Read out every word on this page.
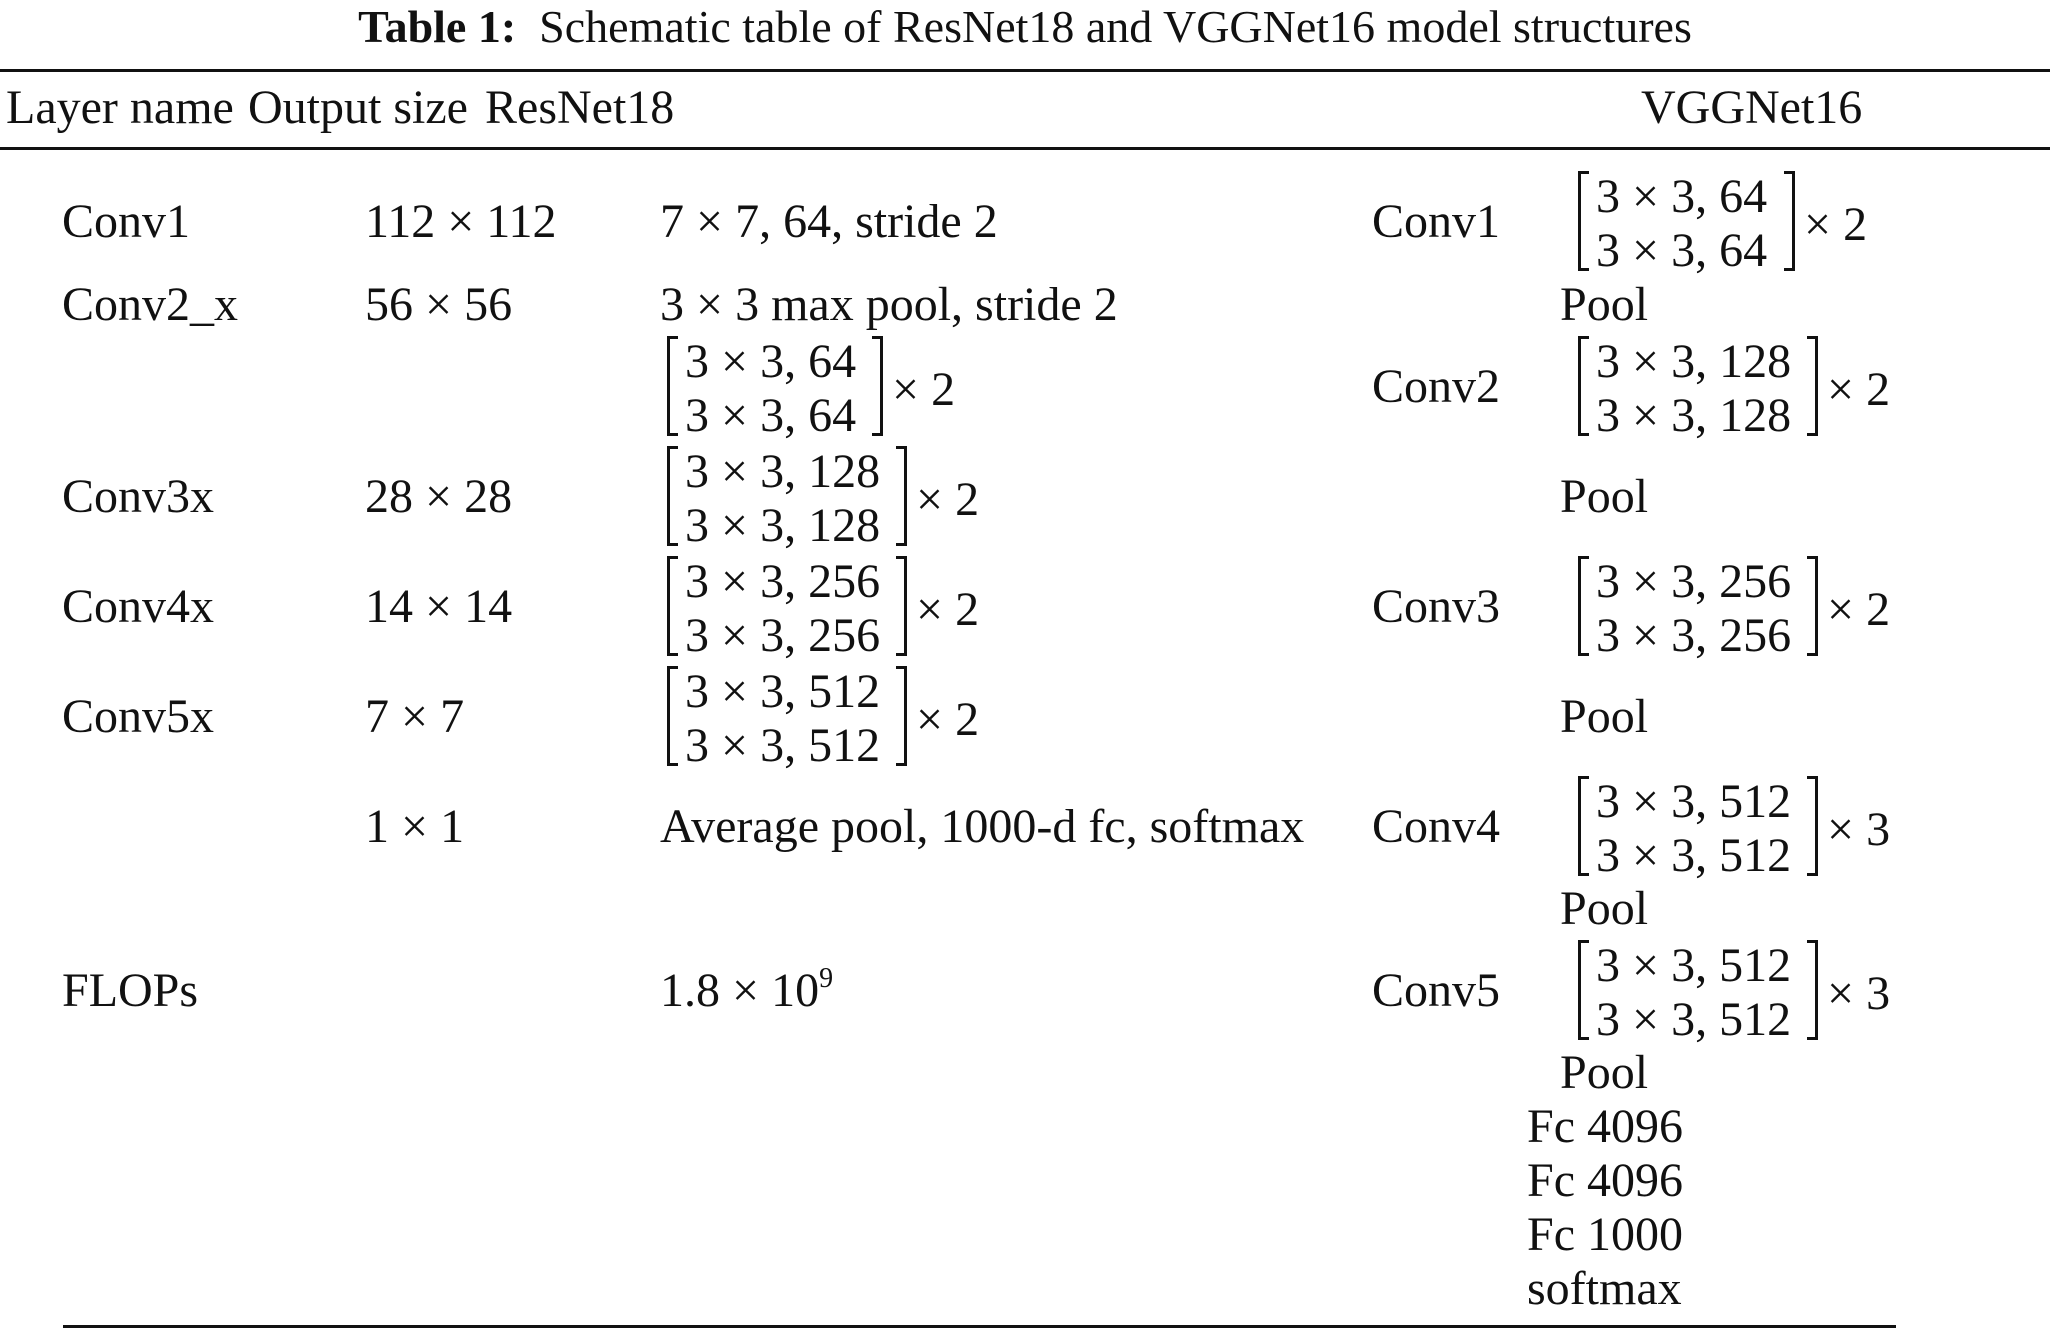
Table 1: Schematic table of ResNet18 and VGGNet16 model structures
Layer name Output size ResNet18	VGGNet16
Conv1
Conv2_x
Conv3x
Conv4x
Conv5x
FLOPs
112 × 112
56 × 56
28 × 28
14 × 14
7 × 7
1 × 1
7 × 7, 64, stride 2
3 × 3 max pool, stride 2
3 × 3, 64
3 × 3, 64 × 2
3 × 3, 128
3 × 3, 128 × 2
3 × 3, 256
3 × 3, 256 × 2
3 × 3, 512
3 × 3, 512 × 2
Average pool, 1000-d fc, softmax
$1.8 \times 10^9$
Conv1
Conv2
Conv3
Conv4
Conv5
3 × 3, 64
3 × 3, 64 × 2
3 × 3, 128
3 × 3, 128 × 2
3 × 3, 256
3 × 3, 256 × 2
3 × 3, 512
3 × 3, 512 × 3
3 × 3, 512
3 × 3, 512 × 3
Pool
Pool
Pool
Pool
Pool
Fc 4096
Fc 4096
Fc 1000
softmax
